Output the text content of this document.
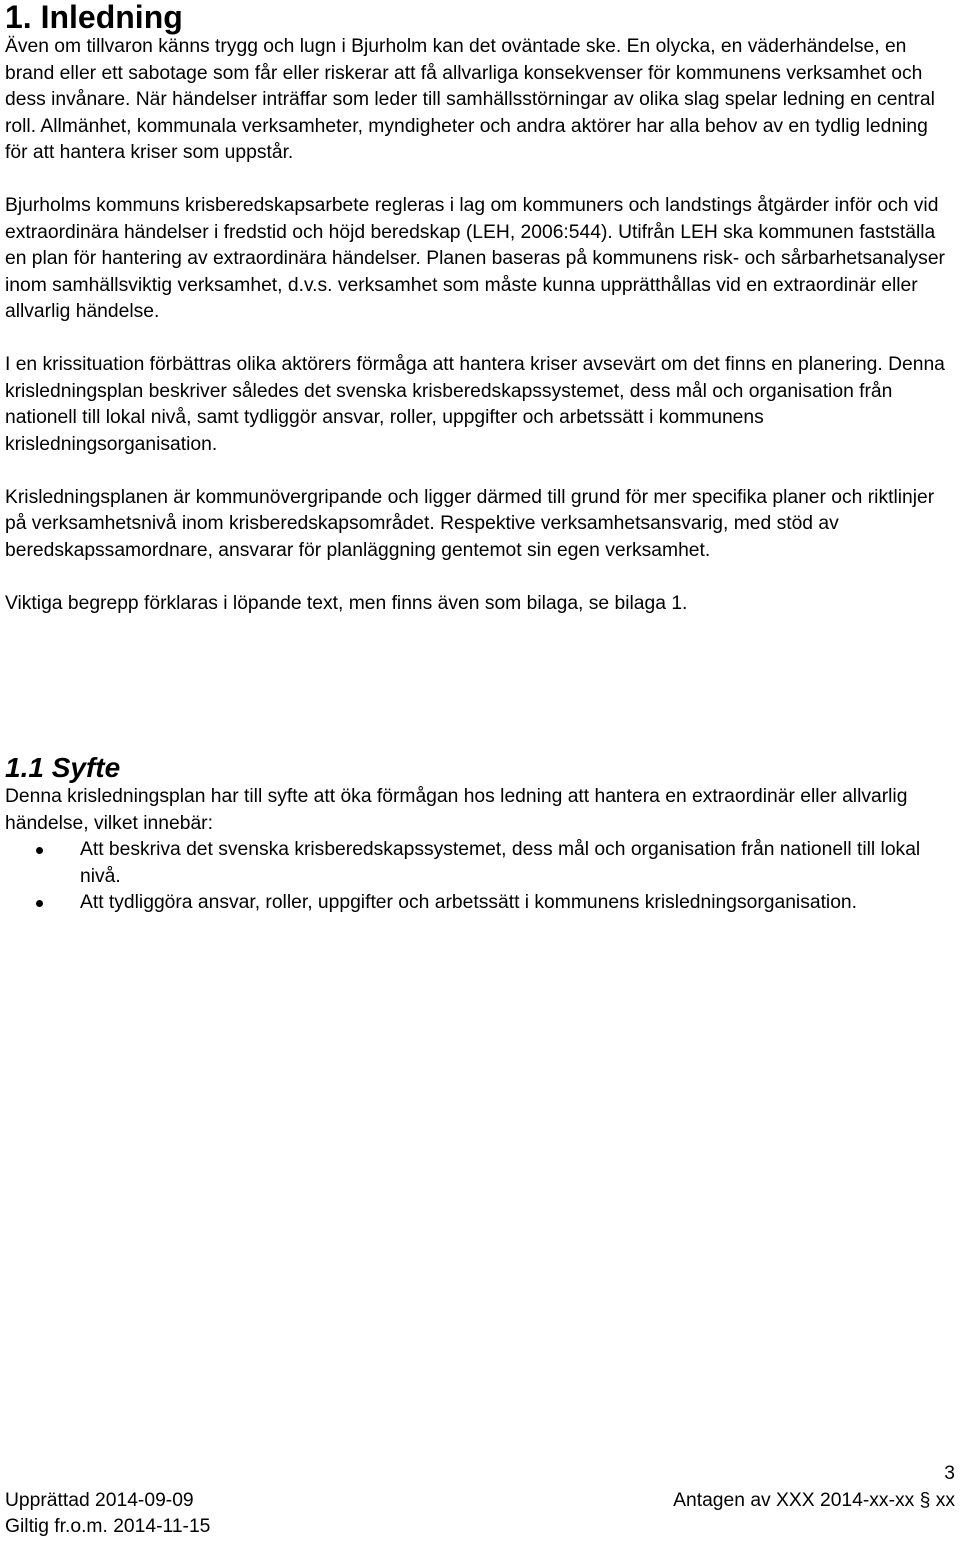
1. Inledning

Även om tillvaron känns trygg och lugn i Bjurholm kan det oväntade ske. En olycka, en väderhändelse, en brand eller ett sabotage som får eller riskerar att få allvarliga konsekvenser för kommunens verksamhet och dess invånare. När händelser inträffar som leder till samhällsstörningar av olika slag spelar ledning en central roll. Allmänhet, kommunala verksamheter, myndigheter och andra aktörer har alla behov av en tydlig ledning för att hantera kriser som uppstår.

Bjurholms kommuns krisberedskapsarbete regleras i lag om kommuners och landstings åtgärder inför och vid extraordinära händelser i fredstid och höjd beredskap (LEH, 2006:544). Utifrån LEH ska kommunen fastställa en plan för hantering av extraordinära händelser. Planen baseras på kommunens risk- och sårbarhetsanalyser inom samhällsviktig verksamhet, d.v.s. verksamhet som måste kunna upprätthållas vid en extraordinär eller allvarlig händelse.

I en krissituation förbättras olika aktörers förmåga att hantera kriser avsevärt om det finns en planering. Denna krisledningsplan beskriver således det svenska krisberedskapssystemet, dess mål och organisation från nationell till lokal nivå, samt tydliggör ansvar, roller, uppgifter och arbetssätt i kommunens krisledningsorganisation.

Krisledningsplanen är kommunövergripande och ligger därmed till grund för mer specifika planer och riktlinjer på verksamhetsnivå inom krisberedskapsområdet. Respektive verksamhetsansvarig, med stöd av beredskapssamordnare, ansvarar för planläggning gentemot sin egen verksamhet.

Viktiga begrepp förklaras i löpande text, men finns även som bilaga, se bilaga 1.

1.1 Syfte

Denna krisledningsplan har till syfte att öka förmågan hos ledning att hantera en extraordinär eller allvarlig händelse, vilket innebär:

Att beskriva det svenska krisberedskapssystemet, dess mål och organisation från nationell till lokal nivå.
Att tydliggöra ansvar, roller, uppgifter och arbetssätt i kommunens krisledningsorganisation.
3
Upprättad 2014-09-09
Giltig fr.o.m. 2014-11-15
Antagen av XXX 2014-xx-xx § xx
